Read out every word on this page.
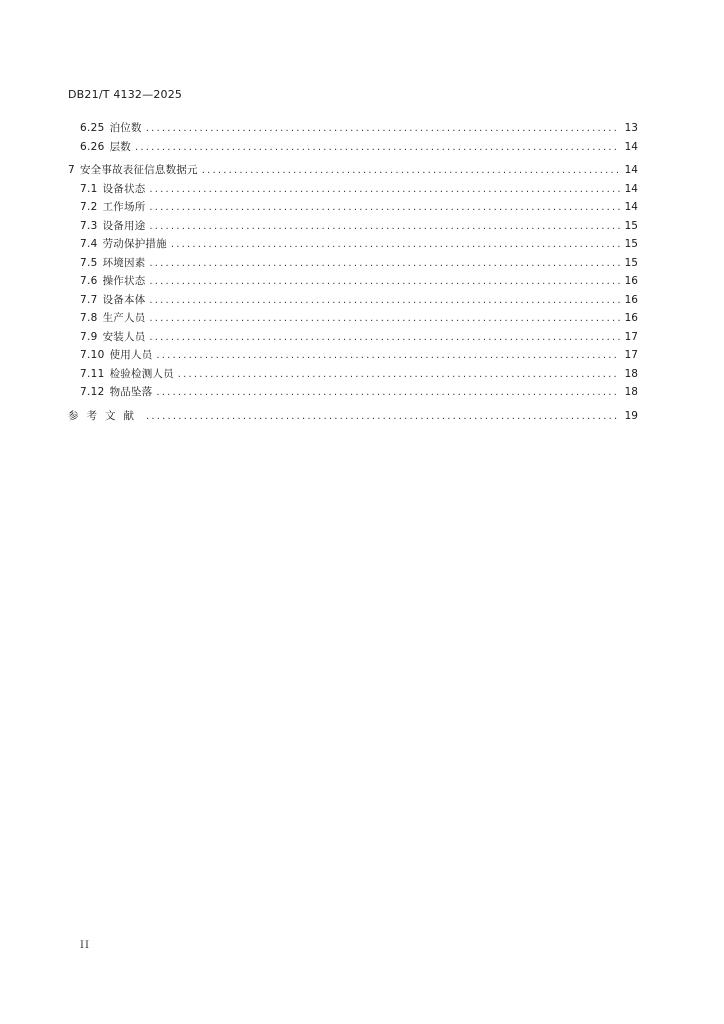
DB21/T 4132—2025
6.25 泊位数 .....	13
6.26 层数 .....	14
7 安全事故表征信息数据元 .....	14
7.1 设备状态 .....	14
7.2 工作场所 .....	14
7.3 设备用途 .....	15
7.4 劳动保护措施 .....	15
7.5 环境因素 .....	15
7.6 操作状态 .....	16
7.7 设备本体 .....	16
7.8 生产人员 .....	16
7.9 安装人员 .....	17
7.10 使用人员 .....	17
7.11 检验检测人员 .....	18
7.12 物品坠落 .....	18
参考文献 .....	19
II
